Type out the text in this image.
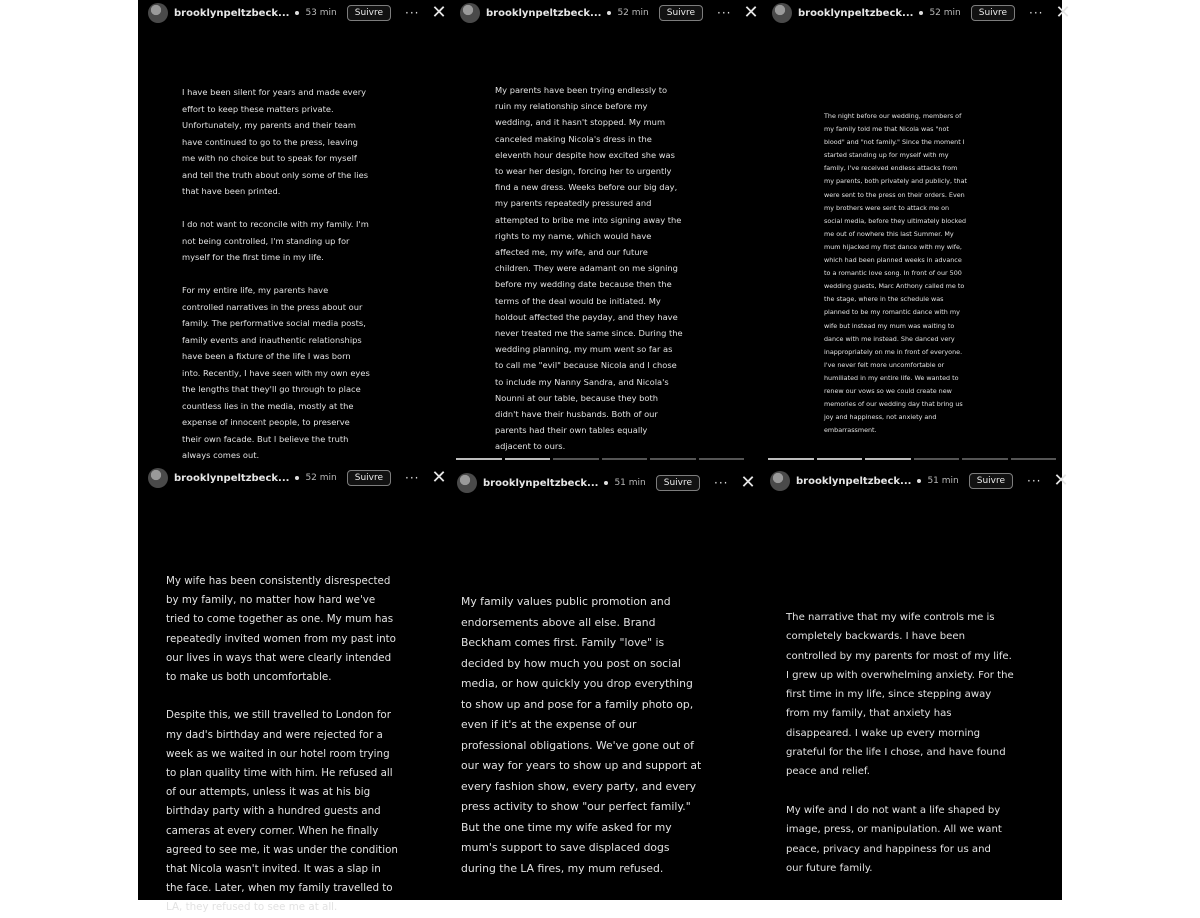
brooklynpeltzbeck... 53 min	Suivre	··· ✕
I have been silent for years and made every
effort to keep these matters private.
Unfortunately, my parents and their team
have continued to go to the press, leaving
me with no choice but to speak for myself
and tell the truth about only some of the lies
that have been printed.

I do not want to reconcile with my family. I'm
not being controlled, I'm standing up for
myself for the first time in my life.

For my entire life, my parents have
controlled narratives in the press about our
family. The performative social media posts,
family events and inauthentic relationships
have been a fixture of the life I was born
into. Recently, I have seen with my own eyes
the lengths that they'll go through to place
countless lies in the media, mostly at the
expense of innocent people, to preserve
their own facade. But I believe the truth
always comes out.
brooklynpeltzbeck... 52 min	Suivre	··· ✕
My parents have been trying endlessly to
ruin my relationship since before my
wedding, and it hasn't stopped. My mum
canceled making Nicola's dress in the
eleventh hour despite how excited she was
to wear her design, forcing her to urgently
find a new dress. Weeks before our big day,
my parents repeatedly pressured and
attempted to bribe me into signing away the
rights to my name, which would have
affected me, my wife, and our future
children. They were adamant on me signing
before my wedding date because then the
terms of the deal would be initiated. My
holdout affected the payday, and they have
never treated me the same since. During the
wedding planning, my mum went so far as
to call me "evil" because Nicola and I chose
to include my Nanny Sandra, and Nicola's
Nounni at our table, because they both
didn't have their husbands. Both of our
parents had their own tables equally
adjacent to ours.
brooklynpeltzbeck... 52 min	Suivre	··· ✕
The night before our wedding, members of
my family told me that Nicola was "not
blood" and "not family." Since the moment I
started standing up for myself with my
family, I've received endless attacks from
my parents, both privately and publicly, that
were sent to the press on their orders. Even
my brothers were sent to attack me on
social media, before they ultimately blocked
me out of nowhere this last Summer. My
mum hijacked my first dance with my wife,
which had been planned weeks in advance
to a romantic love song. In front of our 500
wedding guests, Marc Anthony called me to
the stage, where in the schedule was
planned to be my romantic dance with my
wife but instead my mum was waiting to
dance with me instead. She danced very
inappropriately on me in front of everyone.
I've never felt more uncomfortable or
humiliated in my entire life. We wanted to
renew our vows so we could create new
memories of our wedding day that bring us
joy and happiness, not anxiety and
embarrassment.
brooklynpeltzbeck... 52 min	Suivre	··· ✕
My wife has been consistently disrespected
by my family, no matter how hard we've
tried to come together as one. My mum has
repeatedly invited women from my past into
our lives in ways that were clearly intended
to make us both uncomfortable.

Despite this, we still travelled to London for
my dad's birthday and were rejected for a
week as we waited in our hotel room trying
to plan quality time with him. He refused all
of our attempts, unless it was at his big
birthday party with a hundred guests and
cameras at every corner. When he finally
agreed to see me, it was under the condition
that Nicola wasn't invited. It was a slap in
the face. Later, when my family travelled to
LA, they refused to see me at all.
brooklynpeltzbeck... 51 min	Suivre	··· ✕
My family values public promotion and
endorsements above all else. Brand
Beckham comes first. Family "love" is
decided by how much you post on social
media, or how quickly you drop everything
to show up and pose for a family photo op,
even if it's at the expense of our
professional obligations. We've gone out of
our way for years to show up and support at
every fashion show, every party, and every
press activity to show "our perfect family."
But the one time my wife asked for my
mum's support to save displaced dogs
during the LA fires, my mum refused.
brooklynpeltzbeck... 51 min	Suivre	··· ✕
The narrative that my wife controls me is
completely backwards. I have been
controlled by my parents for most of my life.
I grew up with overwhelming anxiety. For the
first time in my life, since stepping away
from my family, that anxiety has
disappeared. I wake up every morning
grateful for the life I chose, and have found
peace and relief.

My wife and I do not want a life shaped by
image, press, or manipulation. All we want
peace, privacy and happiness for us and
our future family.
